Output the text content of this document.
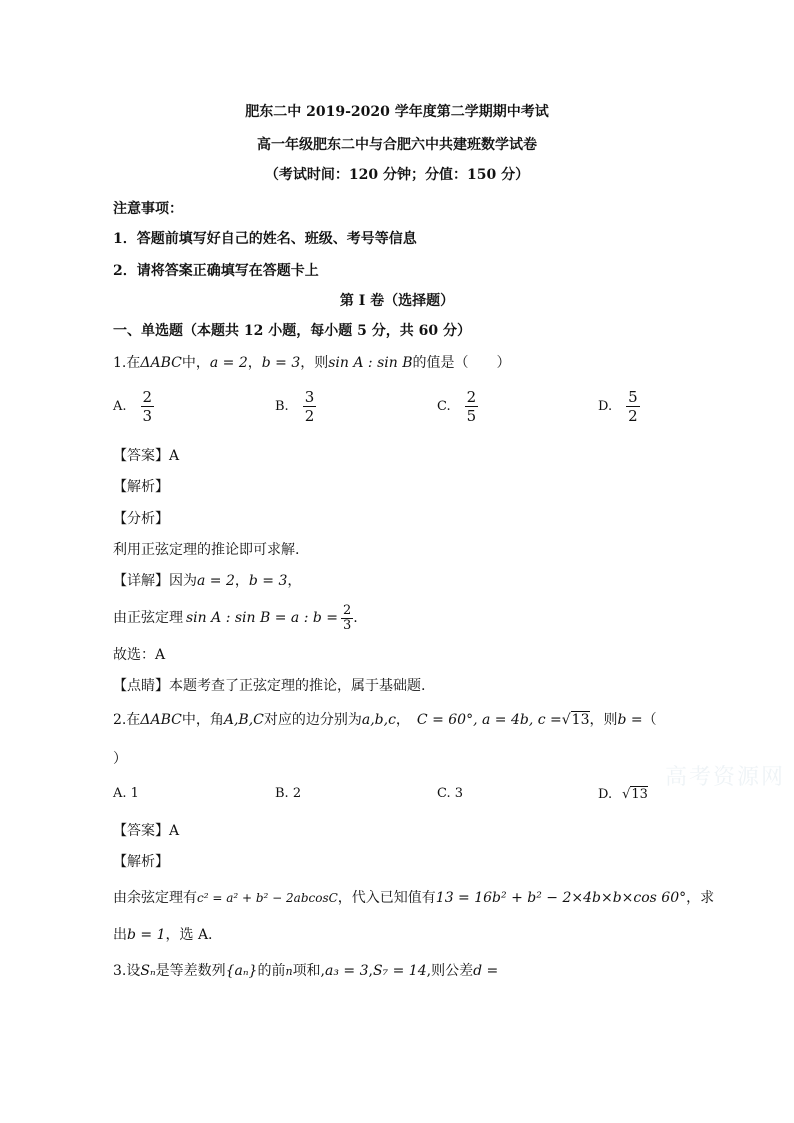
肥东二中 2019-2020 学年度第二学期期中考试
高一年级肥东二中与合肥六中共建班数学试卷
（考试时间：120 分钟；分值：150 分）
注意事项：
1．答题前填写好自己的姓名、班级、考号等信息
2．请将答案正确填写在答题卡上
第 I 卷（选择题）
一、单选题（本题共 12 小题，每小题 5 分，共 60 分）
1.在ΔABC中，a = 2，b = 3，则sin A : sin B的值是（　　）
A. $\frac{2}{3}$	B. $\frac{3}{2}$	C. $\frac{2}{5}$	D. $\frac{5}{2}$
【答案】A
【解析】
【分析】
利用正弦定理的推论即可求解.
【详解】因为a = 2，b = 3，
由正弦定理 sin A : sin B = a : $b = \frac{2}{3}$ .
故选：A
【点睛】本题考查了正弦定理的推论，属于基础题.
2.在ΔABC中，角A,B,C对应的边分别为a,b,c，　C = 60°, a = 4b, c =√13，则b =（
）
A. 1	B. 2	C. 3	D. √ 13
【答案】A
【解析】
由余弦定理有c² = a² + b² − 2abcosC，代入已知值有13 = 16b² + b² − 2×4b×b×cos 60°，求
出b = 1，选 A.
3.设Sₙ是等差数列{aₙ}的前n项和,a₃ = 3,S₇ = 14,则公差d =
高考资源网
